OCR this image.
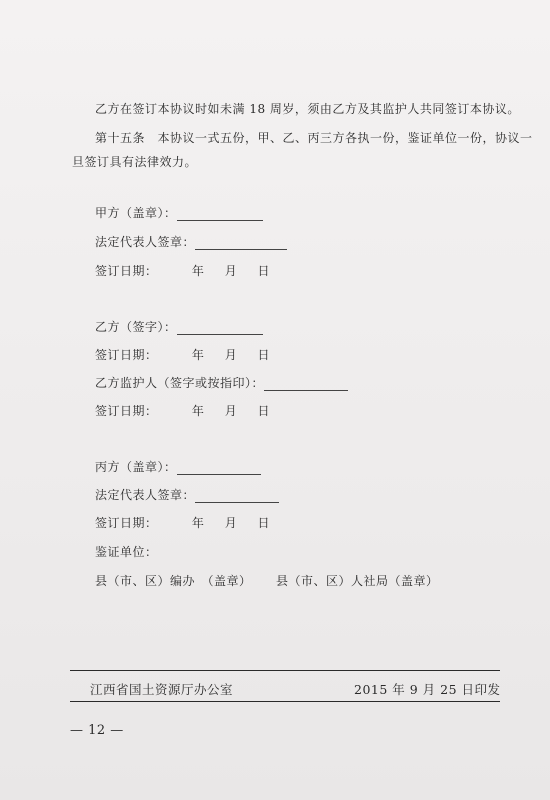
乙方在签订本协议时如未满 18 周岁，须由乙方及其监护人共同签订本协议。
第十五条　本协议一式五份，甲、乙、丙三方各执一份，鉴证单位一份，协议一
旦签订具有法律效力。
甲方（盖章）：
法定代表人签章：
签订日期：	年 月 日
乙方（签字）：
签订日期：	年 月 日
乙方监护人（签字或按指印）：
签订日期：	年 月 日
丙方（盖章）：
法定代表人签章：
签订日期：	年 月 日
鉴证单位：
县（市、区）编办　（盖章） 县（市、区）人社局（盖章）
江西省国土资源厅办公室	2015 年 9 月 25 日印发
— 12 —
